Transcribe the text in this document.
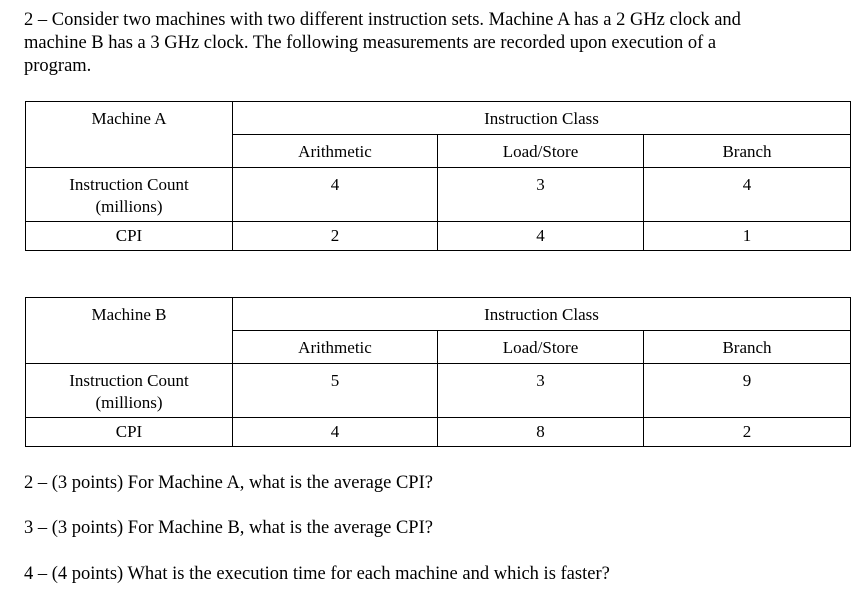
2 – Consider two machines with two different instruction sets. Machine A has a 2 GHz clock and
machine B has a 3 GHz clock. The following measurements are recorded upon execution of a
program.
Machine A	Instruction Class		

	Arithmetic	Load/Store	Branch

Instruction Count
(millions)	4	3	4

CPI	2	4	1
Machine B	Instruction Class		

	Arithmetic	Load/Store	Branch

Instruction Count
(millions)	5	3	9

CPI	4	8	2
2 – (3 points) For Machine A, what is the average CPI?
3 – (3 points) For Machine B, what is the average CPI?
4 – (4 points) What is the execution time for each machine and which is faster?
